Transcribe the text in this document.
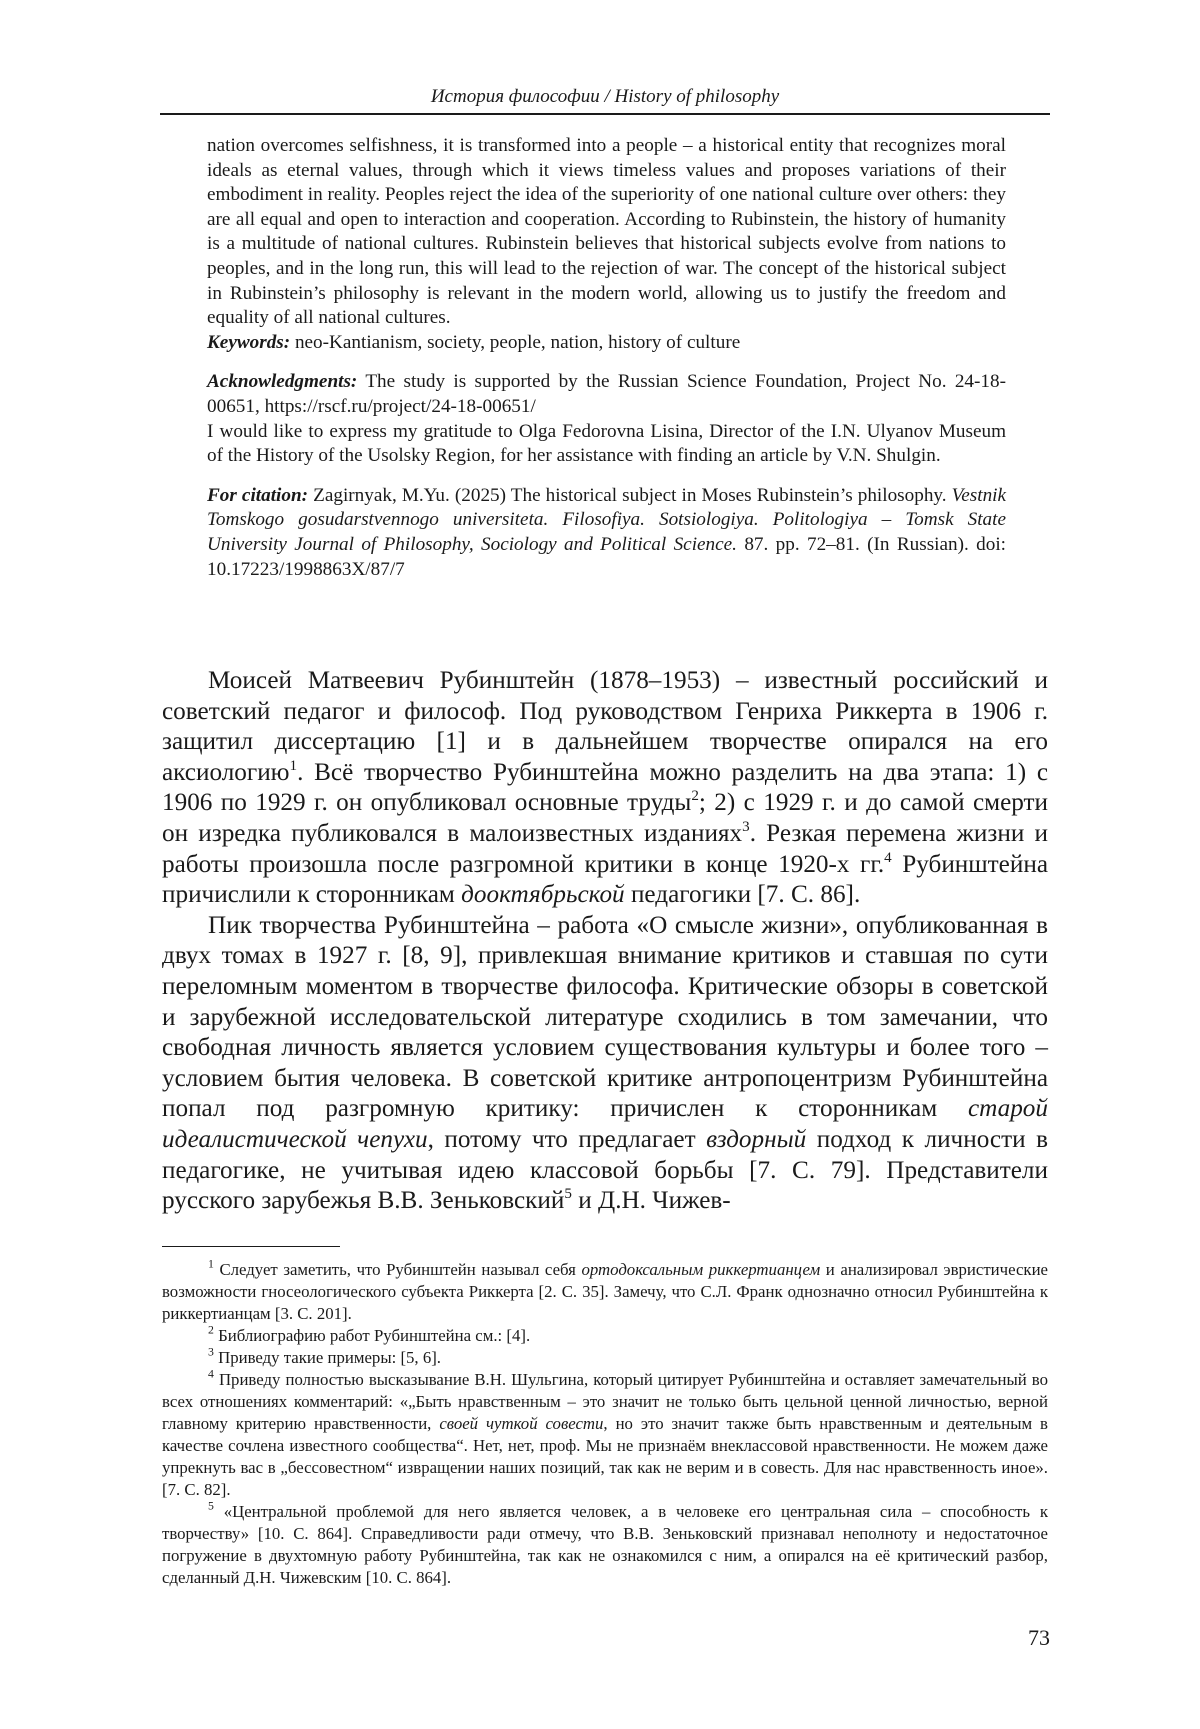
История философии / History of philosophy

nation overcomes selfishness, it is transformed into a people – a historical entity that recognizes moral ideals as eternal values, through which it views timeless values and proposes variations of their embodiment in reality. Peoples reject the idea of the superiority of one national culture over others: they are all equal and open to interaction and cooperation. According to Rubinstein, the history of humanity is a multitude of national cultures. Rubinstein believes that historical subjects evolve from nations to peoples, and in the long run, this will lead to the rejection of war. The concept of the historical subject in Rubinstein’s philosophy is relevant in the modern world, allowing us to justify the freedom and equality of all national cultures.

Keywords: neo-Kantianism, society, people, nation, history of culture

Acknowledgments: The study is supported by the Russian Science Foundation, Project No. 24-18-00651, https://rscf.ru/project/24-18-00651/

I would like to express my gratitude to Olga Fedorovna Lisina, Director of the I.N. Ulyanov Museum of the History of the Usolsky Region, for her assistance with finding an article by V.N. Shulgin.

For citation: Zagirnyak, M.Yu. (2025) The historical subject in Moses Rubinstein’s philosophy. Vestnik Tomskogo gosudarstvennogo universiteta. Filosofiya. Sotsiologiya. Politologiya – Tomsk State University Journal of Philosophy, Sociology and Political Science. 87. pp. 72–81. (In Russian). doi: 10.17223/1998863X/87/7

Моисей Матвеевич Рубинштейн (1878–1953) – известный российский и советский педагог и философ. Под руководством Генриха Риккерта в 1906 г. защитил диссертацию [1] и в дальнейшем творчестве опирался на его аксиологию$^1$. Всё творчество Рубинштейна можно разделить на два этапа: 1) с 1906 по 1929 г. он опубликовал основные труды$^2$; 2) с 1929 г. и до самой смерти он изредка публиковался в малоизвестных изданиях$^3$. Резкая перемена жизни и работы произошла после разгромной критики в конце 1920-х гг.$^4$ Рубинштейна причислили к сторонникам дооктябрьской педагогики [7. С. 86].

Пик творчества Рубинштейна – работа «О смысле жизни», опубликованная в двух томах в 1927 г. [8, 9], привлекшая внимание критиков и ставшая по сути переломным моментом в творчестве философа. Критические обзоры в советской и зарубежной исследовательской литературе сходились в том замечании, что свободная личность является условием существования культуры и более того – условием бытия человека. В советской критике антропоцентризм Рубинштейна попал под разгромную критику: причислен к сторонникам старой идеалистической чепухи, потому что предлагает вздорный подход к личности в педагогике, не учитывая идею классовой борьбы [7. С. 79]. Представители русского зарубежья В.В. Зеньковский$^5$ и Д.Н. Чижев-

$^1$ Следует заметить, что Рубинштейн называл себя ортодоксальным риккертианцем и анализировал эвристические возможности гносеологического субъекта Риккерта [2. С. 35]. Замечу, что С.Л. Франк однозначно относил Рубинштейна к риккертианцам [3. С. 201].

$^2$ Библиографию работ Рубинштейна см.: [4].

$^3$ Приведу такие примеры: [5, 6].

$^4$ Приведу полностью высказывание В.Н. Шульгина, который цитирует Рубинштейна и оставляет замечательный во всех отношениях комментарий: «„Быть нравственным – это значит не только быть цельной ценной личностью, верной главному критерию нравственности, своей чуткой совести, но это значит также быть нравственным и деятельным в качестве сочлена известного сообщества“. Нет, нет, проф. Мы не признаём внеклассовой нравственности. Не можем даже упрекнуть вас в „бессовестном“ извращении наших позиций, так как не верим и в совесть. Для нас нравственность иное». [7. С. 82].

$^5$ «Центральной проблемой для него является человек, а в человеке его центральная сила – способность к творчеству» [10. С. 864]. Справедливости ради отмечу, что В.В. Зеньковский признавал неполноту и недостаточное погружение в двухтомную работу Рубинштейна, так как не ознакомился с ним, а опирался на её критический разбор, сделанный Д.Н. Чижевским [10. С. 864].

73
